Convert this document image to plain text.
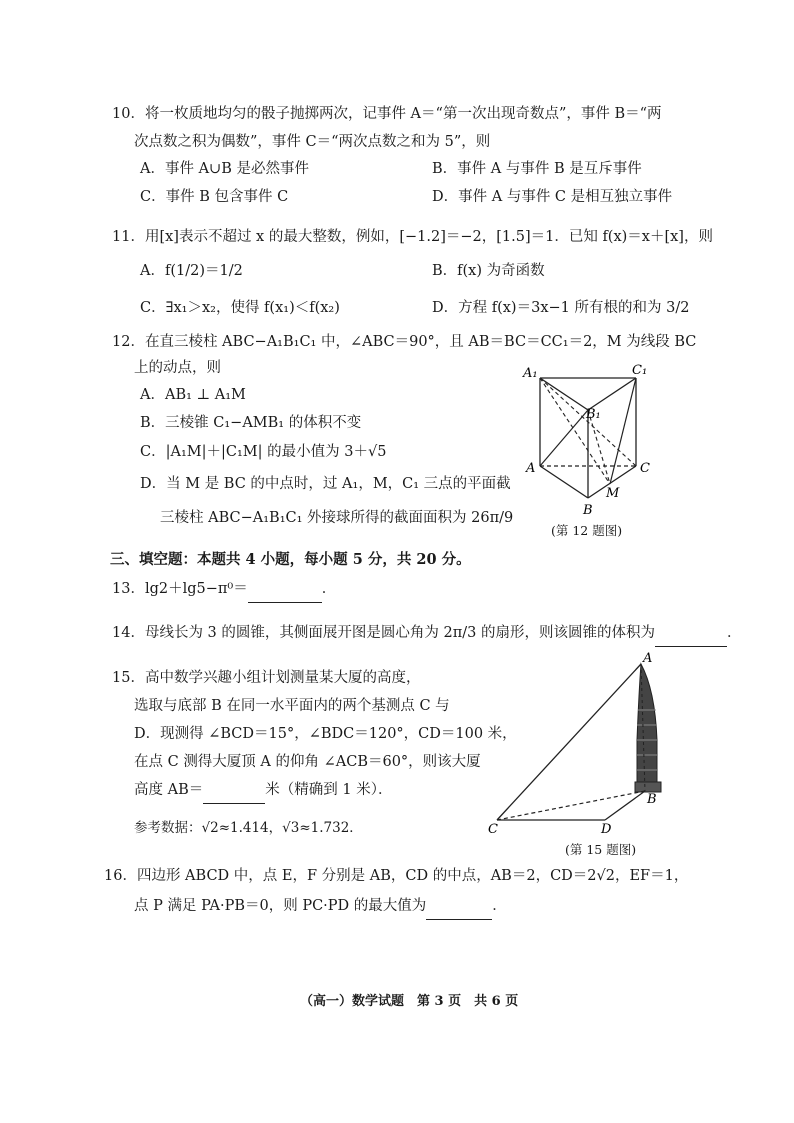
10．将一枚质地均匀的骰子抛掷两次，记事件 A＝“第一次出现奇数点”，事件 B＝“两
次点数之积为偶数”，事件 C＝“两次点数之和为 5”，则
A．事件 A∪B 是必然事件	B．事件 A 与事件 B 是互斥事件
C．事件 B 包含事件 C	D．事件 A 与事件 C 是相互独立事件
11．用[x]表示不超过 x 的最大整数，例如，[−1.2]＝−2，[1.5]＝1．已知 f(x)＝x＋[x]，则
A．f(1/2)＝1/2	B．f(x) 为奇函数
C．∃x₁＞x₂，使得 f(x₁)＜f(x₂)	D．方程 f(x)＝3x−1 所有根的和为 3/2
12．在直三棱柱 ABC−A₁B₁C₁ 中，∠ABC＝90°，且 AB＝BC＝CC₁＝2，M 为线段 BC
上的动点，则
A．AB₁ ⊥ A₁M
B．三棱锥 C₁−AMB₁ 的体积不变
C．|A₁M|＋|C₁M| 的最小值为 3＋√5
D．当 M 是 BC 的中点时，过 A₁，M，C₁ 三点的平面截
三棱柱 ABC−A₁B₁C₁ 外接球所得的截面面积为 26π/9
A₁	C₁
B₁
A	C
B
M
(第 12 题图)
三、填空题：本题共 4 小题，每小题 5 分，共 20 分。
13．lg2＋lg5−π⁰＝	．
14．母线长为 3 的圆锥，其侧面展开图是圆心角为 2π/3 的扇形，则该圆锥的体积为	．
15．高中数学兴趣小组计划测量某大厦的高度，
选取与底部 B 在同一水平面内的两个基测点 C 与
D．现测得 ∠BCD＝15°，∠BDC＝120°，CD＝100 米，
在点 C 测得大厦顶 A 的仰角 ∠ACB＝60°，则该大厦
高度 AB＝	米（精确到 1 米）．
参考数据：√2≈1.414，√3≈1.732．
A
B
C	D
(第 15 题图)
16．四边形 ABCD 中，点 E，F 分别是 AB，CD 的中点，AB＝2，CD＝2√2，EF＝1，
点 P 满足 PA·PB＝0，则 PC·PD 的最大值为	．
（高一）数学试题　第 3 页　共 6 页
